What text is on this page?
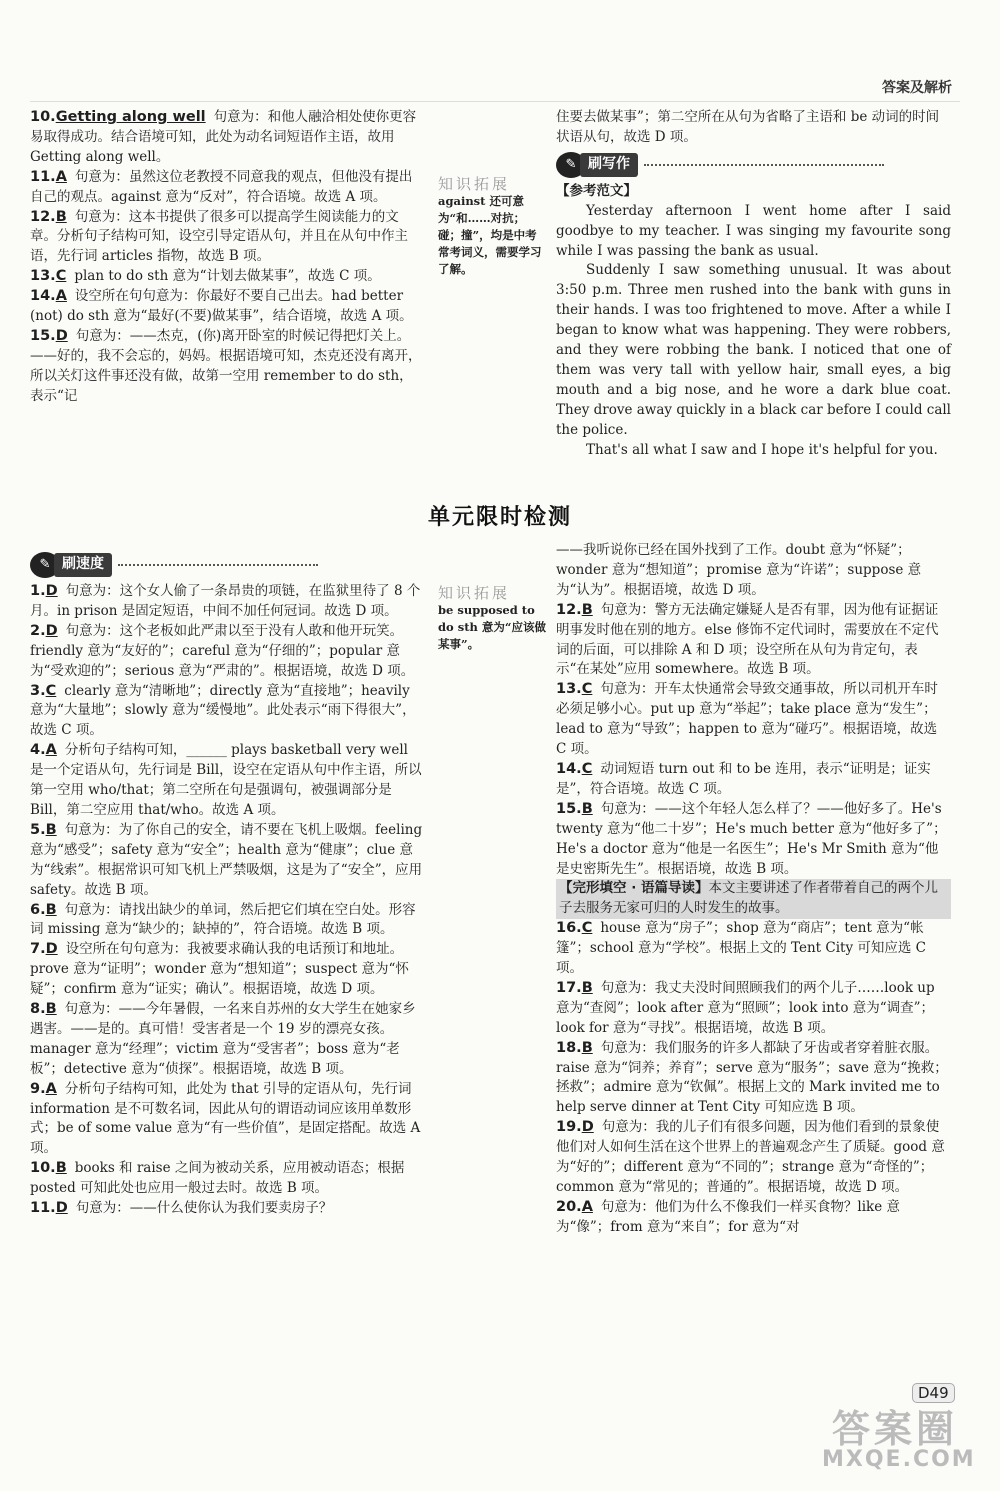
答案及解析
10.Getting along well 句意为：和他人融洽相处使你更容易取得成功。结合语境可知，此处为动名词短语作主语，故用 Getting along well。
11.A 句意为：虽然这位老教授不同意我的观点，但他没有提出自己的观点。against 意为“反对”，符合语境。故选 A 项。
12.B 句意为：这本书提供了很多可以提高学生阅读能力的文章。分析句子结构可知，设空引导定语从句，并且在从句中作主语，先行词 articles 指物，故选 B 项。
13.C plan to do sth 意为“计划去做某事”，故选 C 项。
14.A 设空所在句句意为：你最好不要自己出去。had better (not) do sth 意为“最好(不要)做某事”，结合语境，故选 A 项。
15.D 句意为：——杰克，(你)离开卧室的时候记得把灯关上。——好的，我不会忘的，妈妈。根据语境可知，杰克还没有离开，所以关灯这件事还没有做，故第一空用 remember to do sth，表示“记
知识拓展
against 还可意为“和……对抗；碰；撞”，均是中考常考词义，需要学习了解。
住要去做某事”；第二空所在从句为省略了主语和 be 动词的时间状语从句，故选 D 项。
✎ 刷写作
【参考范文】

Yesterday afternoon I went home after I said goodbye to my teacher. I was singing my favourite song while I was passing the bank as usual.

Suddenly I saw something unusual. It was about 3:50 p.m. Three men rushed into the bank with guns in their hands. I was too frightened to move. After a while I began to know what was happening. They were robbers, and they were robbing the bank. I noticed that one of them was very tall with yellow hair, small eyes, a big mouth and a big nose, and he wore a dark blue coat. They drove away quickly in a black car before I could call the police.

That's all what I saw and I hope it's helpful for you.

单元限时检测
✎ 刷速度
1.D 句意为：这个女人偷了一条昂贵的项链，在监狱里待了 8 个月。in prison 是固定短语，中间不加任何冠词。故选 D 项。
2.D 句意为：这个老板如此严肃以至于没有人敢和他开玩笑。friendly 意为“友好的”；careful 意为“仔细的”；popular 意为“受欢迎的”；serious 意为“严肃的”。根据语境，故选 D 项。
3.C clearly 意为“清晰地”；directly 意为“直接地”；heavily 意为“大量地”；slowly 意为“缓慢地”。此处表示“雨下得很大”，故选 C 项。
4.A 分析句子结构可知，______ plays basketball very well 是一个定语从句，先行词是 Bill，设空在定语从句中作主语，所以第一空用 who/that；第二空所在句是强调句，被强调部分是 Bill，第二空应用 that/who。故选 A 项。
5.B 句意为：为了你自己的安全，请不要在飞机上吸烟。feeling 意为“感受”；safety 意为“安全”；health 意为“健康”；clue 意为“线索”。根据常识可知飞机上严禁吸烟，这是为了“安全”，应用 safety。故选 B 项。
6.B 句意为：请找出缺少的单词，然后把它们填在空白处。形容词 missing 意为“缺少的；缺掉的”，符合语境。故选 B 项。
7.D 设空所在句句意为：我被要求确认我的电话预订和地址。prove 意为“证明”；wonder 意为“想知道”；suspect 意为“怀疑”；confirm 意为“证实；确认”。根据语境，故选 D 项。
8.B 句意为：——今年暑假，一名来自苏州的女大学生在她家乡遇害。——是的。真可惜！受害者是一个 19 岁的漂亮女孩。manager 意为“经理”；victim 意为“受害者”；boss 意为“老板”；detective 意为“侦探”。根据语境，故选 B 项。
9.A 分析句子结构可知，此处为 that 引导的定语从句，先行词 information 是不可数名词，因此从句的谓语动词应该用单数形式；be of some value 意为“有一些价值”，是固定搭配。故选 A 项。
10.B books 和 raise 之间为被动关系，应用被动语态；根据 posted 可知此处也应用一般过去时。故选 B 项。
11.D 句意为：——什么使你认为我们要卖房子？
知识拓展
be supposed to do sth 意为“应该做某事”。
——我听说你已经在国外找到了工作。doubt 意为“怀疑”；wonder 意为“想知道”；promise 意为“许诺”；suppose 意为“认为”。根据语境，故选 D 项。
12.B 句意为：警方无法确定嫌疑人是否有罪，因为他有证据证明事发时他在别的地方。else 修饰不定代词时，需要放在不定代词的后面，可以排除 A 和 D 项；设空所在从句为肯定句，表示“在某处”应用 somewhere。故选 B 项。
13.C 句意为：开车太快通常会导致交通事故，所以司机开车时必须足够小心。put up 意为“举起”；take place 意为“发生”；lead to 意为“导致”；happen to 意为“碰巧”。根据语境，故选 C 项。
14.C 动词短语 turn out 和 to be 连用，表示“证明是；证实是”，符合语境。故选 C 项。
15.B 句意为：——这个年轻人怎么样了？——他好多了。He's twenty 意为“他二十岁”；He's much better 意为“他好多了”；He's a doctor 意为“他是一名医生”；He's Mr Smith 意为“他是史密斯先生”。根据语境，故选 B 项。
【完形填空 · 语篇导读】本文主要讲述了作者带着自己的两个儿子去服务无家可归的人时发生的故事。
16.C house 意为“房子”；shop 意为“商店”；tent 意为“帐篷”；school 意为“学校”。根据上文的 Tent City 可知应选 C 项。
17.B 句意为：我丈夫没时间照顾我们的两个儿子……look up 意为“查阅”；look after 意为“照顾”；look into 意为“调查”；look for 意为“寻找”。根据语境，故选 B 项。
18.B 句意为：我们服务的许多人都缺了牙齿或者穿着脏衣服。raise 意为“饲养；养育”；serve 意为“服务”；save 意为“挽救；拯救”；admire 意为“钦佩”。根据上文的 Mark invited me to help serve dinner at Tent City 可知应选 B 项。
19.D 句意为：我的儿子们有很多问题，因为他们看到的景象使他们对人如何生活在这个世界上的普遍观念产生了质疑。good 意为“好的”；different 意为“不同的”；strange 意为“奇怪的”；common 意为“常见的；普通的”。根据语境，故选 D 项。
20.A 句意为：他们为什么不像我们一样买食物？like 意为“像”；from 意为“来自”；for 意为“对
D49
答案圈
MXQE.COM
